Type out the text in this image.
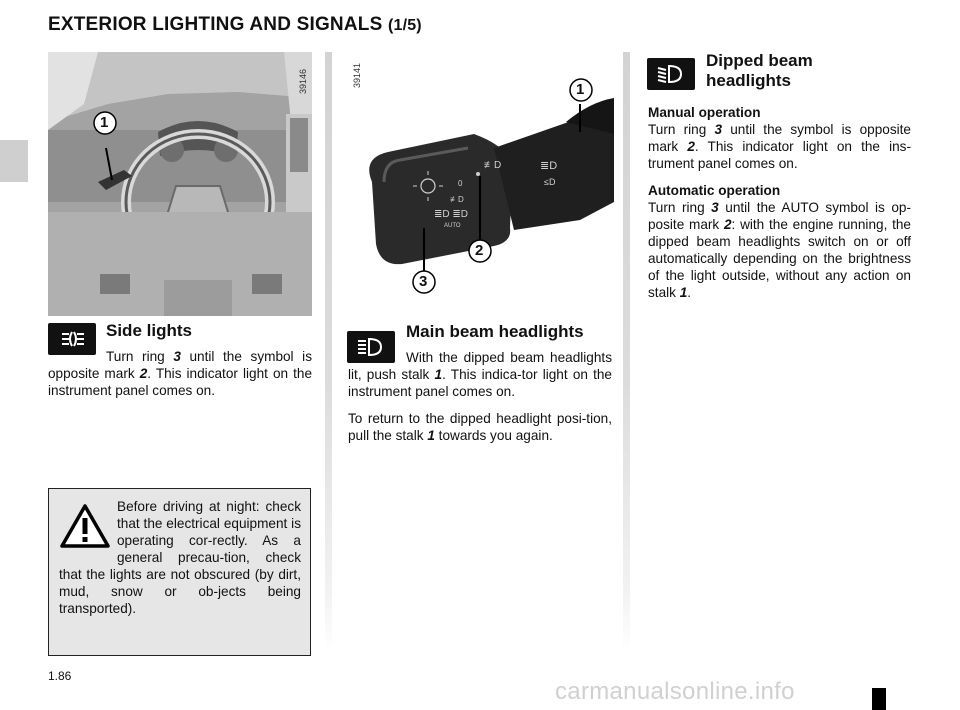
EXTERIOR LIGHTING AND SIGNALS (1/5)
1
39146
0
≢D
≣D ≣D
AUTO
≣D
≤D
≢D
1
2
3
39141
Side lights
Turn ring 3 until the symbol is opposite mark 2. This indicator light on the instrument panel comes on.
Before driving at night: check that the electrical equipment is operating cor-rectly. As a general precau-tion, check that the lights are not obscured (by dirt, mud, snow or ob-jects being transported).
Main beam headlights

With the dipped beam headlights lit, push stalk 1. This indica-tor light on the instrument panel comes on.

To return to the dipped headlight posi-tion, pull the stalk 1 towards you again.

Dipped beam
headlights
Manual operation

Turn ring 3 until the symbol is opposite mark 2. This indicator light on the ins-trument panel comes on.

Automatic operation

Turn ring 3 until the AUTO symbol is op-posite mark 2: with the engine running, the dipped beam headlights switch on or off automatically depending on the brightness of the light outside, without any action on stalk 1.

1.86
carmanualsonline.info
